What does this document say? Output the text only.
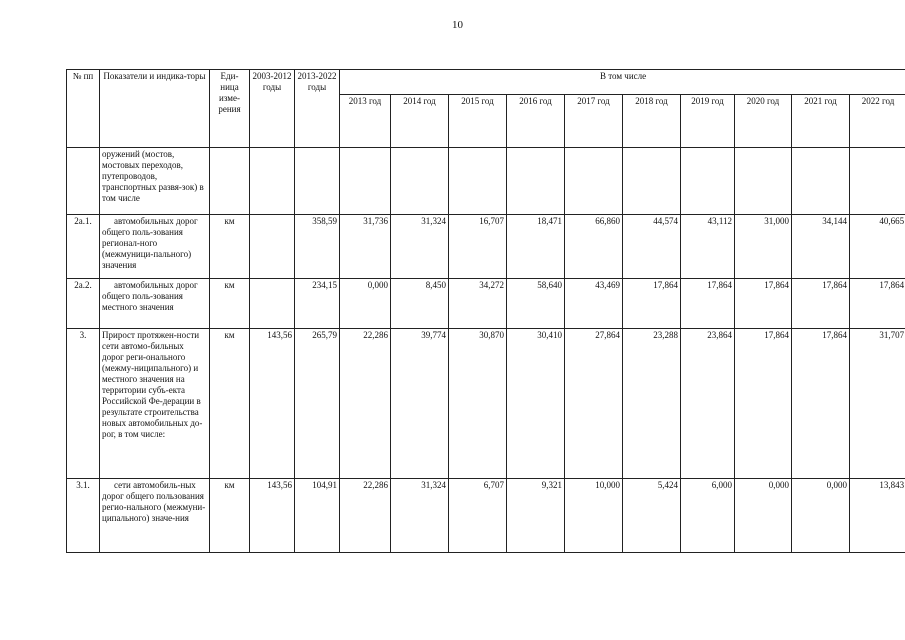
10
№ пп	Показатели и индика-торы	Еди-ница изме-рения	2003-2012 годы	2013-2022 годы	В том числе									
					2013 год	2014 год	2015 год	2016 год	2017 год	2018 год	2019 год	2020 год	2021 год	2022 год
	оружений (мостов, мостовых переходов, путепроводов, транспортных развя-зок) в том числе													
2а.1.	автомобильных дорог общего поль-зования регионал-ного (межмуници-пального) значения	км		358,59	31,736	31,324	16,707	18,471	66,860	44,574	43,112	31,000	34,144	40,665
2а.2.	автомобильных дорог общего поль-зования местного значения	км		234,15	0,000	8,450	34,272	58,640	43,469	17,864	17,864	17,864	17,864	17,864
3.	Прирост протяжен-ности сети автомо-бильных дорог реги-онального (межму-ниципального) и местного значения на территории субъ-екта Российской Фе-дерации в результате строительства новых автомобильных до-рог, в том числе:	км	143,56	265,79	22,286	39,774	30,870	30,410	27,864	23,288	23,864	17,864	17,864	31,707
3.1.	сети автомобиль-ных дорог общего пользования регио-нального (межмуни-ципального) значе-ния	км	143,56	104,91	22,286	31,324	6,707	9,321	10,000	5,424	6,000	0,000	0,000	13,843
